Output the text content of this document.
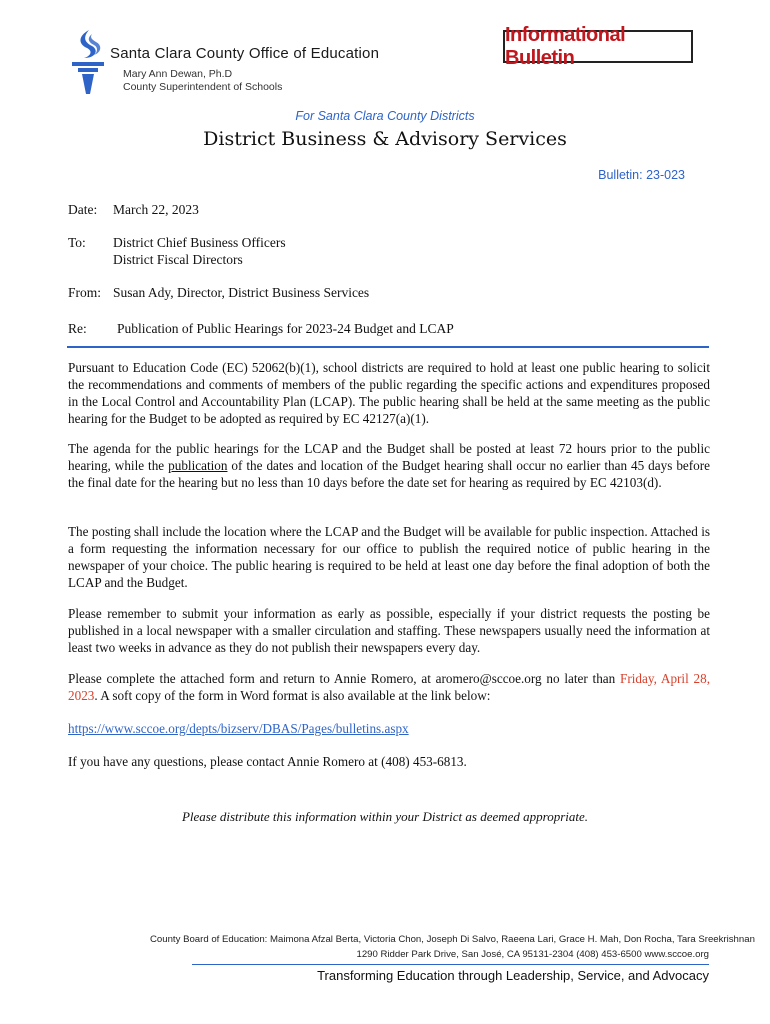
Santa Clara County Office of Education
Mary Ann Dewan, Ph.D
County Superintendent of Schools
Informational Bulletin
For Santa Clara County Districts
District Business & Advisory Services
Bulletin: 23-023
Date: March 22, 2023
To: District Chief Business Officers
District Fiscal Directors
From: Susan Ady, Director, District Business Services
Re: Publication of Public Hearings for 2023-24 Budget and LCAP

Pursuant to Education Code (EC) 52062(b)(1), school districts are required to hold at least one public hearing to solicit the recommendations and comments of members of the public regarding the specific actions and expenditures proposed in the Local Control and Accountability Plan (LCAP). The public hearing shall be held at the same meeting as the public hearing for the Budget to be adopted as required by EC 42127(a)(1).

The agenda for the public hearings for the LCAP and the Budget shall be posted at least 72 hours prior to the public hearing, while the publication of the dates and location of the Budget hearing shall occur no earlier than 45 days before the final date for the hearing but no less than 10 days before the date set for hearing as required by EC 42103(d).

The posting shall include the location where the LCAP and the Budget will be available for public inspection. Attached is a form requesting the information necessary for our office to publish the required notice of public hearing in the newspaper of your choice. The public hearing is required to be held at least one day before the final adoption of both the LCAP and the Budget.

Please remember to submit your information as early as possible, especially if your district requests the posting be published in a local newspaper with a smaller circulation and staffing. These newspapers usually need the information at least two weeks in advance as they do not publish their newspapers every day.

Please complete the attached form and return to Annie Romero, at aromero@sccoe.org no later than Friday, April 28, 2023. A soft copy of the form in Word format is also available at the link below:

https://www.sccoe.org/depts/bizserv/DBAS/Pages/bulletins.aspx

If you have any questions, please contact Annie Romero at (408) 453-6813.

Please distribute this information within your District as deemed appropriate.
County Board of Education: Maimona Afzal Berta, Victoria Chon, Joseph Di Salvo, Raeena Lari, Grace H. Mah, Don Rocha, Tara Sreekrishnan
1290 Ridder Park Drive, San José, CA 95131-2304 (408) 453-6500 www.sccoe.org
Transforming Education through Leadership, Service, and Advocacy
